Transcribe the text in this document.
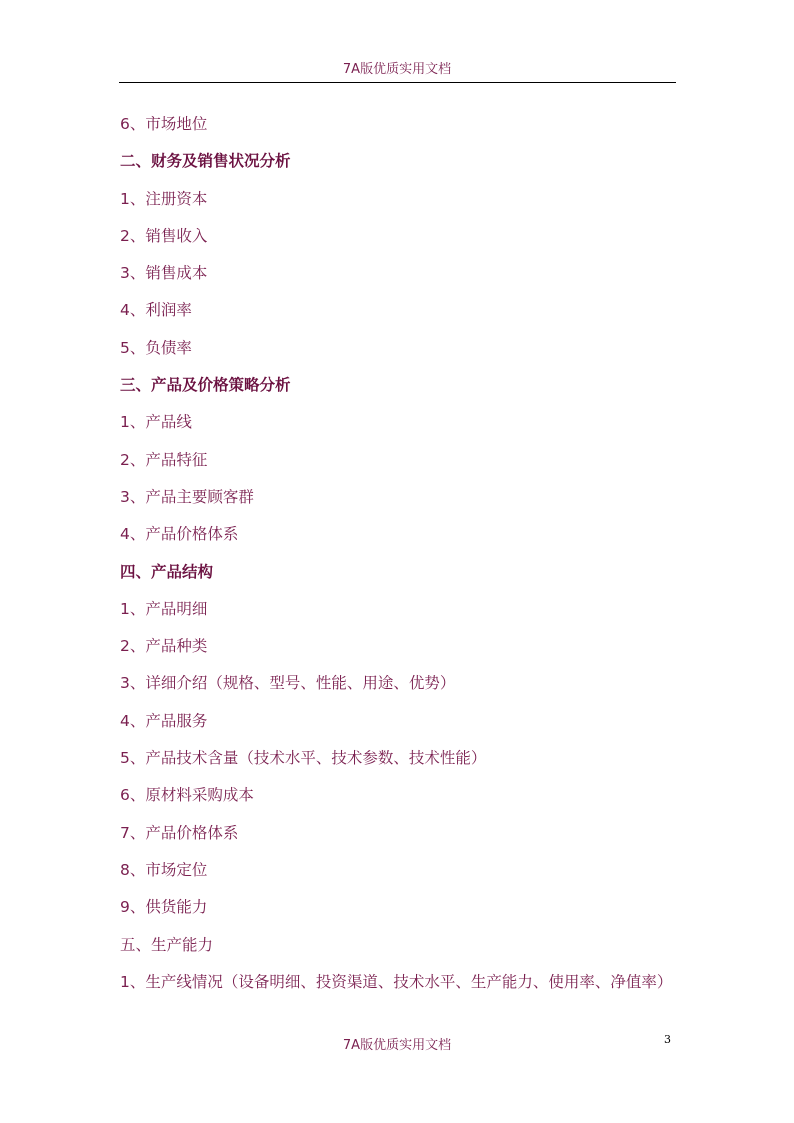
7A版优质实用文档
6、市场地位
二、财务及销售状况分析
1、注册资本
2、销售收入
3、销售成本
4、利润率
5、负债率
三、产品及价格策略分析
1、产品线
2、产品特征
3、产品主要顾客群
4、产品价格体系
四、产品结构
1、产品明细
2、产品种类
3、详细介绍（规格、型号、性能、用途、优势）
4、产品服务
5、产品技术含量（技术水平、技术参数、技术性能）
6、原材料采购成本
7、产品价格体系
8、市场定位
9、供货能力
五、生产能力
1、生产线情况（设备明细、投资渠道、技术水平、生产能力、使用率、净值率）
7A版优质实用文档	3
